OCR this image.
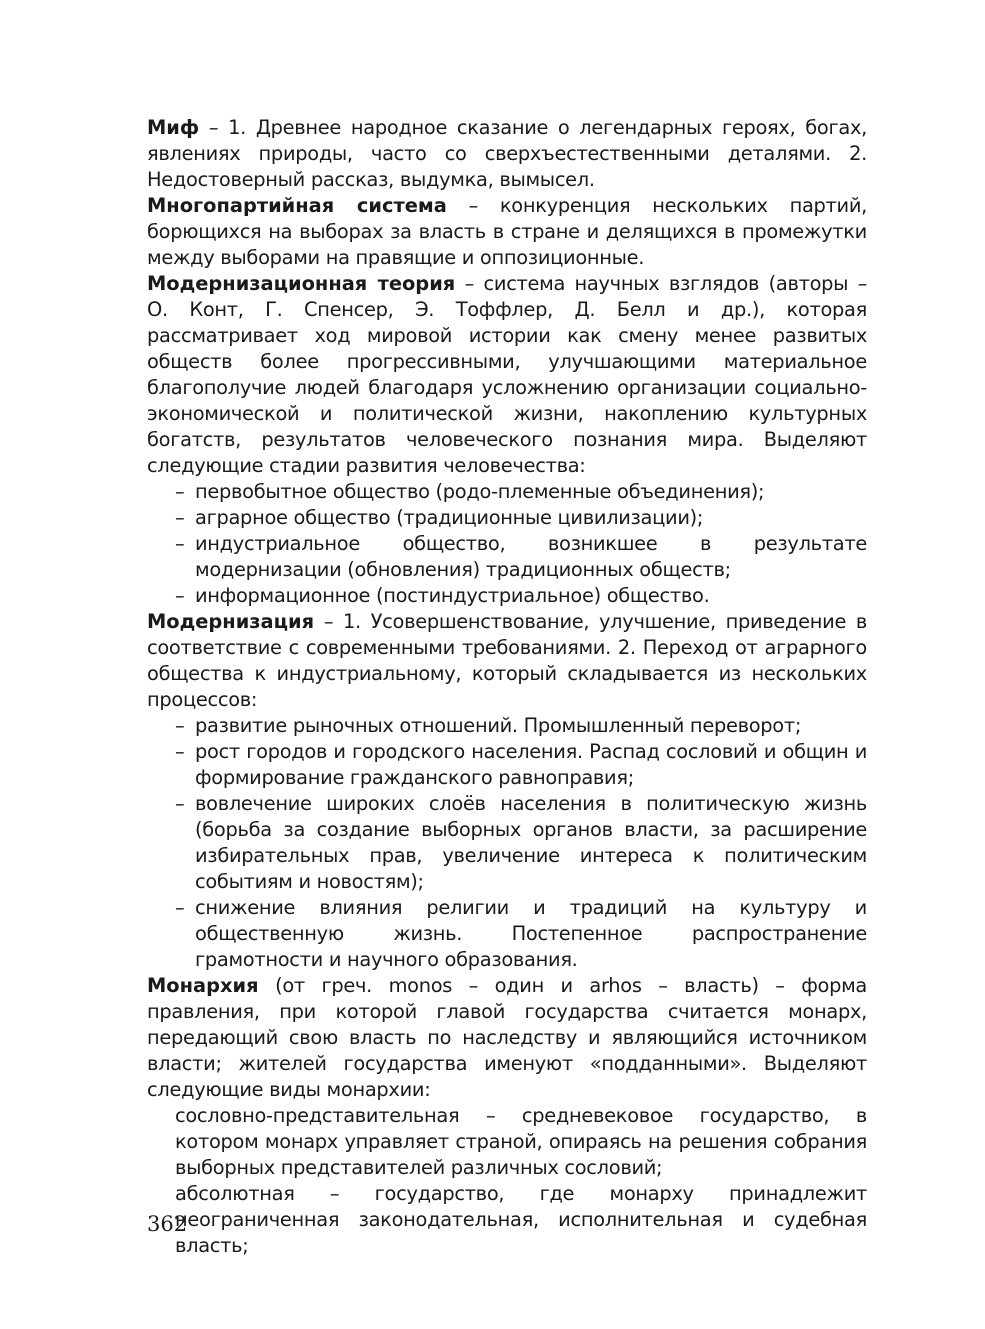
Миф – 1. Древнее народное сказание о легендарных героях, богах, явлениях природы, часто со сверхъестественными деталями. 2. Недостоверный рассказ, выдумка, вымысел.

Многопартийная система – конкуренция нескольких партий, борющихся на выборах за власть в стране и делящихся в промежутки между выборами на правящие и оппозиционные.

Модернизационная теория – система научных взглядов (авторы – О. Конт, Г. Спенсер, Э. Тоффлер, Д. Белл и др.), которая рассматривает ход мировой истории как смену менее развитых обществ более прогрессивными, улучшающими материальное благополучие людей благодаря усложнению организации социально-экономической и политической жизни, накоплению культурных богатств, результатов человеческого познания мира. Выделяют следующие стадии развития человечества:

– первобытное общество (родо-племенные объединения);
– аграрное общество (традиционные цивилизации);
– индустриальное общество, возникшее в результате модернизации (обновления) традиционных обществ;
– информационное (постиндустриальное) общество.

Модернизация – 1. Усовершенствование, улучшение, приведение в соответствие с современными требованиями. 2. Переход от аграрного общества к индустриальному, который складывается из нескольких процессов:

– развитие рыночных отношений. Промышленный переворот;
– рост городов и городского населения. Распад сословий и общин и формирование гражданского равноправия;
– вовлечение широких слоёв населения в политическую жизнь (борьба за создание выборных органов власти, за расширение избирательных прав, увеличение интереса к политическим событиям и новостям);
– снижение влияния религии и традиций на культуру и общественную жизнь. Постепенное распространение грамотности и научного образования.

Монархия (от греч. monos – один и arhos – власть) – форма правления, при которой главой государства считается монарх, передающий свою власть по наследству и являющийся источником власти; жителей государства именуют «подданными». Выделяют следующие виды монархии:

сословно-представительная – средневековое государство, в котором монарх управляет страной, опираясь на решения собрания выборных представителей различных сословий;
абсолютная – государство, где монарху принадлежит неограниченная законодательная, исполнительная и судебная власть;
362
